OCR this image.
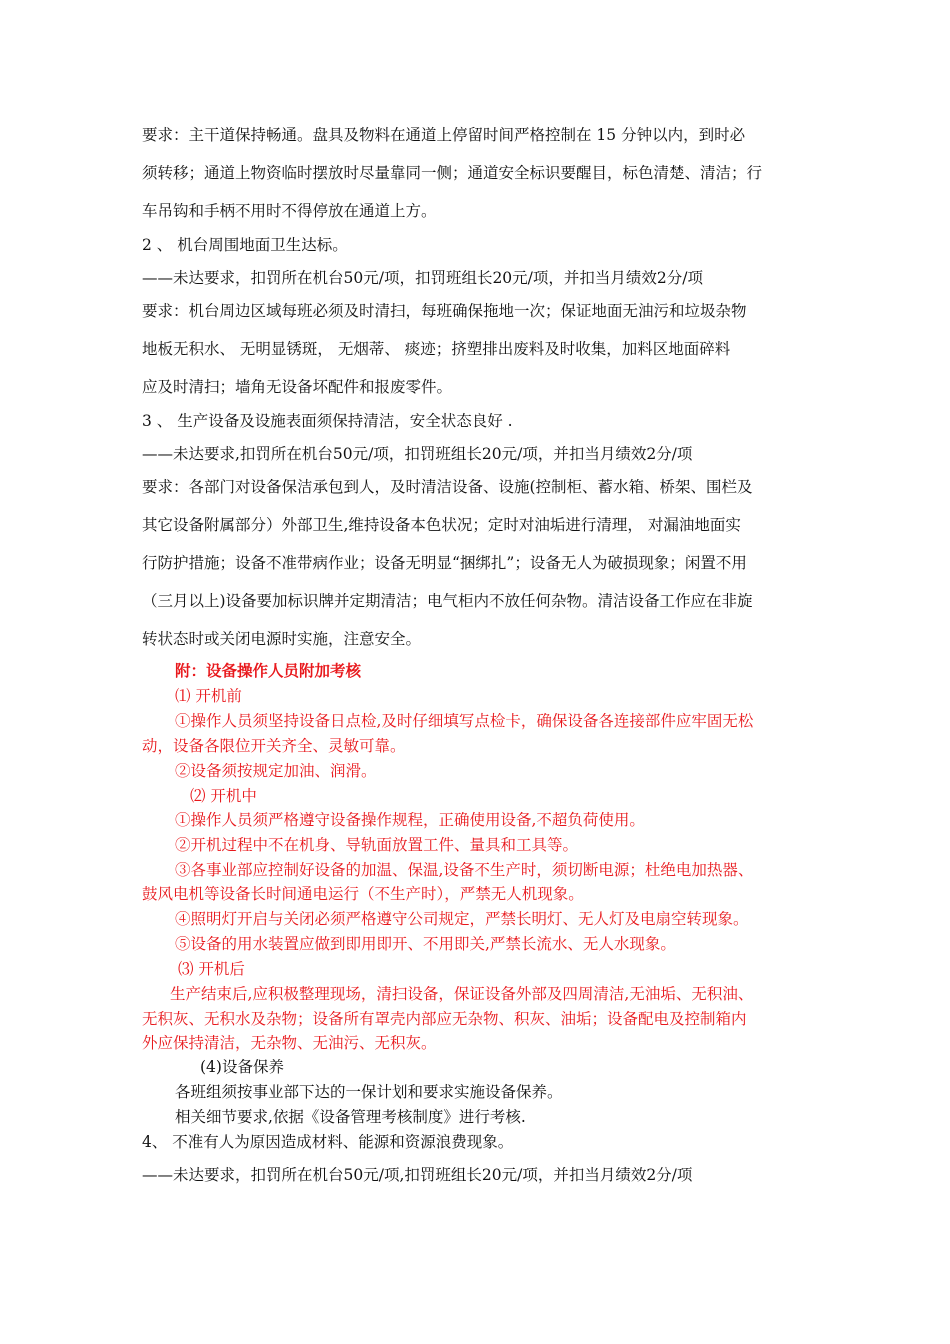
要求：主干道保持畅通。盘具及物料在通道上停留时间严格控制在 15 分钟以内，到时必
须转移；通道上物资临时摆放时尽量靠同一侧；通道安全标识要醒目，标色清楚、清洁；行
车吊钩和手柄不用时不得停放在通道上方。
2 、 机台周围地面卫生达标。
——未达要求，扣罚所在机台50元/项，扣罚班组长20元/项，并扣当月绩效2分/项
要求：机台周边区域每班必须及时清扫，每班确保拖地一次；保证地面无油污和垃圾杂物
地板无积水、 无明显锈斑， 无烟蒂、 痰迹；挤塑排出废料及时收集，加料区地面碎料
应及时清扫；墙角无设备坏配件和报废零件。
3 、 生产设备及设施表面须保持清洁，安全状态良好 .
——未达要求,扣罚所在机台50元/项，扣罚班组长20元/项，并扣当月绩效2分/项
要求：各部门对设备保洁承包到人，及时清洁设备、设施(控制柜、蓄水箱、桥架、围栏及
其它设备附属部分）外部卫生,维持设备本色状况；定时对油垢进行清理， 对漏油地面实
行防护措施；设备不准带病作业；设备无明显“捆绑扎”；设备无人为破损现象；闲置不用
（三月以上)设备要加标识牌并定期清洁；电气柜内不放任何杂物。清洁设备工作应在非旋
转状态时或关闭电源时实施，注意安全。
附：设备操作人员附加考核
⑴ 开机前
①操作人员须坚持设备日点检,及时仔细填写点检卡，确保设备各连接部件应牢固无松
动，设备各限位开关齐全、灵敏可靠。
②设备须按规定加油、润滑。
⑵ 开机中
①操作人员须严格遵守设备操作规程，正确使用设备,不超负荷使用。
②开机过程中不在机身、导轨面放置工件、量具和工具等。
③各事业部应控制好设备的加温、保温,设备不生产时，须切断电源；杜绝电加热器、
鼓风电机等设备长时间通电运行（不生产时），严禁无人机现象。
④照明灯开启与关闭必须严格遵守公司规定，严禁长明灯、无人灯及电扇空转现象。
⑤设备的用水装置应做到即用即开、不用即关,严禁长流水、无人水现象。
⑶ 开机后
生产结束后,应积极整理现场，清扫设备，保证设备外部及四周清洁,无油垢、无积油、
无积灰、无积水及杂物；设备所有罩壳内部应无杂物、积灰、油垢；设备配电及控制箱内
外应保持清洁，无杂物、无油污、无积灰。
(4)设备保养
各班组须按事业部下达的一保计划和要求实施设备保养。
相关细节要求,依据《设备管理考核制度》进行考核.
4、 不准有人为原因造成材料、能源和资源浪费现象。
——未达要求，扣罚所在机台50元/项,扣罚班组长20元/项，并扣当月绩效2分/项
